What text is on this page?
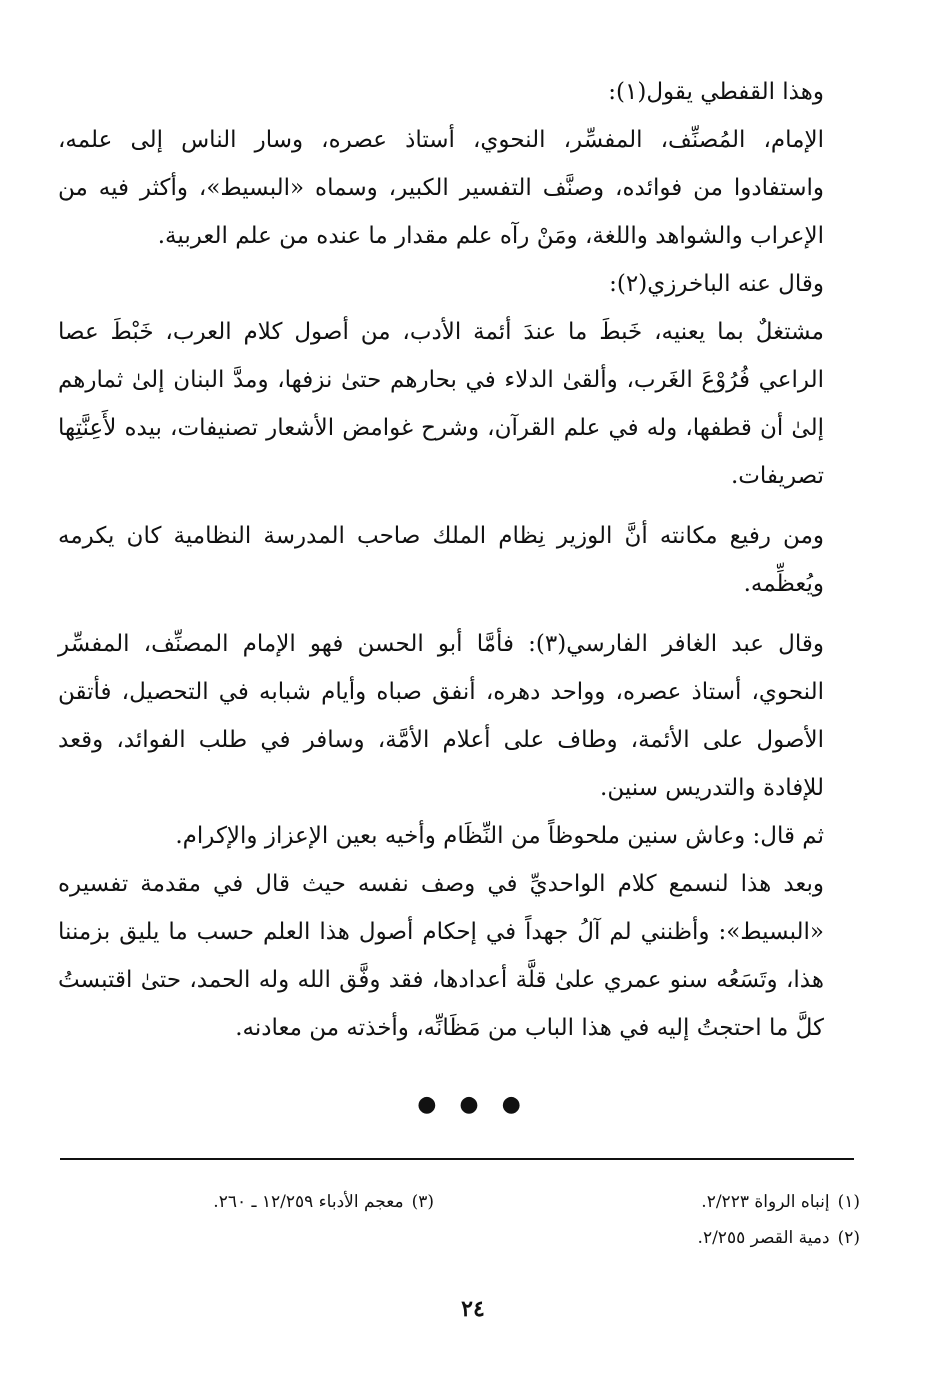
وهذا القفطي يقول(١):

الإمام، المُصنِّف، المفسِّر، النحوي، أستاذ عصره، وسار الناس إلى علمه، واستفادوا من فوائده، وصنَّف التفسير الكبير، وسماه «البسيط»، وأكثر فيه من الإعراب والشواهد واللغة، ومَنْ رآه علم مقدار ما عنده من علم العربية.

وقال عنه الباخرزي(٢):

مشتغلٌ بما يعنيه، خَبطَ ما عندَ أئمة الأدب، من أصول كلام العرب، خَبْطَ عصا الراعي فُرُوْعَ الغَرب، وألقىٰ الدلاء في بحارهم حتىٰ نزفها، ومدَّ البنان إلىٰ ثمارهم إلىٰ أن قطفها، وله في علم القرآن، وشرح غوامض الأشعار تصنيفات، بيده لأَعِنَّتِها تصريفات.

ومن رفيع مكانته أنَّ الوزير نِظام الملك صاحب المدرسة النظامية كان يكرمه ويُعظِّمه.

وقال عبد الغافر الفارسي(٣): فأمَّا أبو الحسن فهو الإمام المصنِّف، المفسِّر النحوي، أستاذ عصره، وواحد دهره، أنفق صباه وأيام شبابه في التحصيل، فأتقن الأصول على الأئمة، وطاف على أعلام الأمَّة، وسافر في طلب الفوائد، وقعد للإفادة والتدريس سنين.

ثم قال: وعاش سنين ملحوظاً من النِّظَام وأخيه بعين الإعزاز والإكرام.

وبعد هذا لنسمع كلام الواحديِّ في وصف نفسه حيث قال في مقدمة تفسيره «البسيط»: وأظنني لم آلُ جهداً في إحكام أصول هذا العلم حسب ما يليق بزمننا هذا، وتَسَعُه سنو عمري علىٰ قلَّة أعدادها، فقد وفَّق الله وله الحمد، حتىٰ اقتبستُ كلَّ ما احتجتُ إليه في هذا الباب من مَظَانِّه، وأخذته من معادنه.

● ● ●
(١)إنباه الرواة ٢/٢٢٣.
(٢)دمية القصر ٢/٢٥٥.
(٣)معجم الأدباء ١٢/٢٥٩ ـ ٢٦٠.
٢٤
